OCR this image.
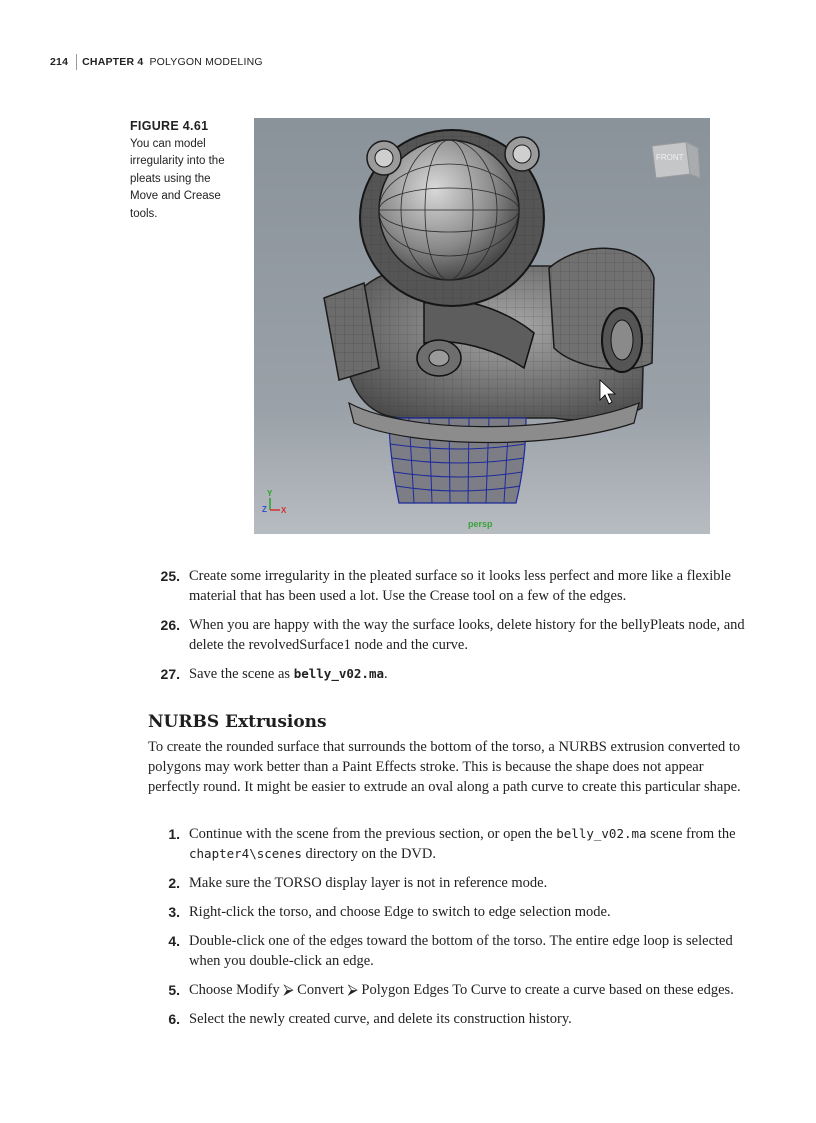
214 CHAPTER 4 POLYGON MODELING
FIGURE 4.61
You can model irregularity into the pleats using the Move and Crease tools.
FRONT
Y
Z X
persp
25. Create some irregularity in the pleated surface so it looks less perfect and more like a flexible material that has been used a lot. Use the Crease tool on a few of the edges.
26. When you are happy with the way the surface looks, delete history for the bellyPleats node, and delete the revolvedSurface1 node and the curve.
27. Save the scene as belly_v02.ma.
NURBS Extrusions

To create the rounded surface that surrounds the bottom of the torso, a NURBS extrusion converted to polygons may work better than a Paint Effects stroke. This is because the shape does not appear perfectly round. It might be easier to extrude an oval along a path curve to create this particular shape.

1. Continue with the scene from the previous section, or open the belly_v02.ma scene from the chapter4\scenes directory on the DVD.
2. Make sure the TORSO display layer is not in reference mode.
3. Right-click the torso, and choose Edge to switch to edge selection mode.
4. Double-click one of the edges toward the bottom of the torso. The entire edge loop is selected when you double-click an edge.
5. Choose Modify ⮚ Convert ⮚ Polygon Edges To Curve to create a curve based on these edges.
6. Select the newly created curve, and delete its construction history.
